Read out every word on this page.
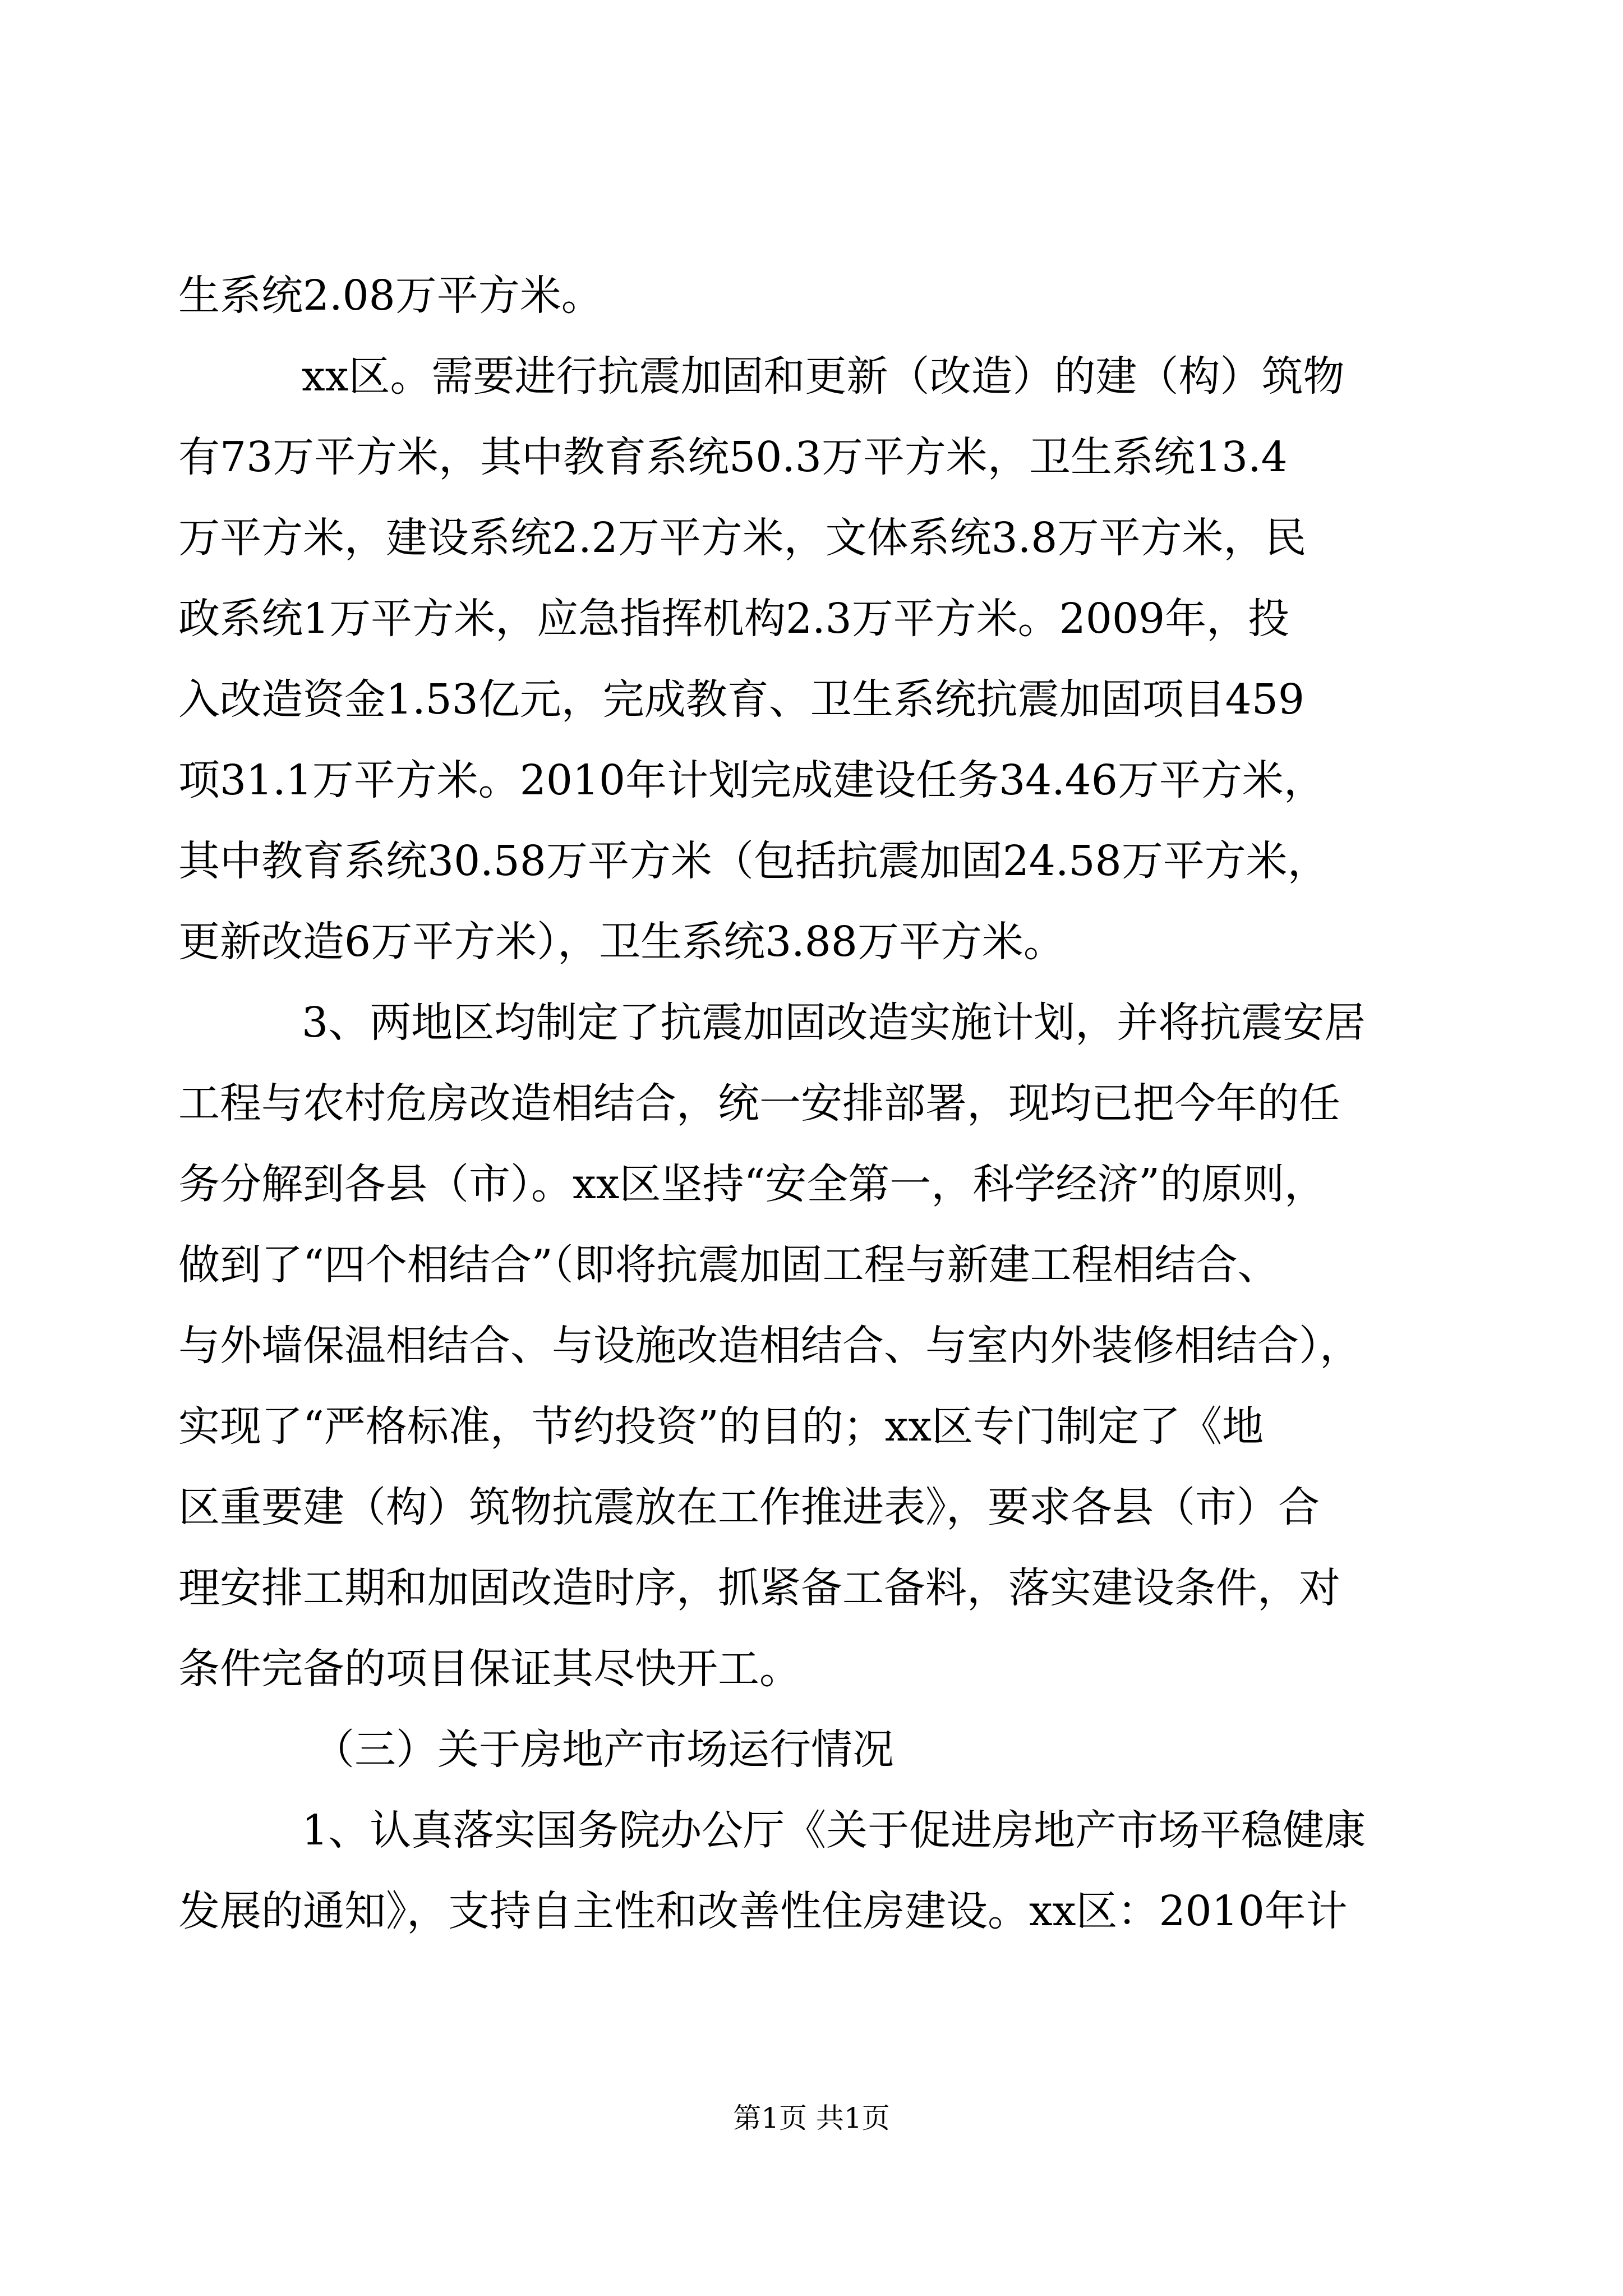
生系统2.08万平方米。
xx区。需要进行抗震加固和更新（改造）的建（构）筑物
有73万平方米，其中教育系统50.3万平方米，卫生系统13.4
万平方米，建设系统2.2万平方米，文体系统3.8万平方米，民
政系统1万平方米，应急指挥机构2.3万平方米。2009年，投
入改造资金1.53亿元，完成教育、卫生系统抗震加固项目459
项31.1万平方米。2010年计划完成建设任务34.46万平方米，
其中教育系统30.58万平方米（包括抗震加固24.58万平方米，
更新改造6万平方米），卫生系统3.88万平方米。
3、两地区均制定了抗震加固改造实施计划，并将抗震安居
工程与农村危房改造相结合，统一安排部署，现均已把今年的任
务分解到各县（市）。xx区坚持“安全第一，科学经济”的原则，
做到了“四个相结合”（即将抗震加固工程与新建工程相结合、
与外墙保温相结合、与设施改造相结合、与室内外装修相结合），
实现了“严格标准，节约投资”的目的；xx区专门制定了《地
区重要建（构）筑物抗震放在工作推进表》，要求各县（市）合
理安排工期和加固改造时序，抓紧备工备料，落实建设条件，对
条件完备的项目保证其尽快开工。
（三）关于房地产市场运行情况
1、认真落实国务院办公厅《关于促进房地产市场平稳健康
发展的通知》，支持自主性和改善性住房建设。xx区：2010年计
第1页 共1页
